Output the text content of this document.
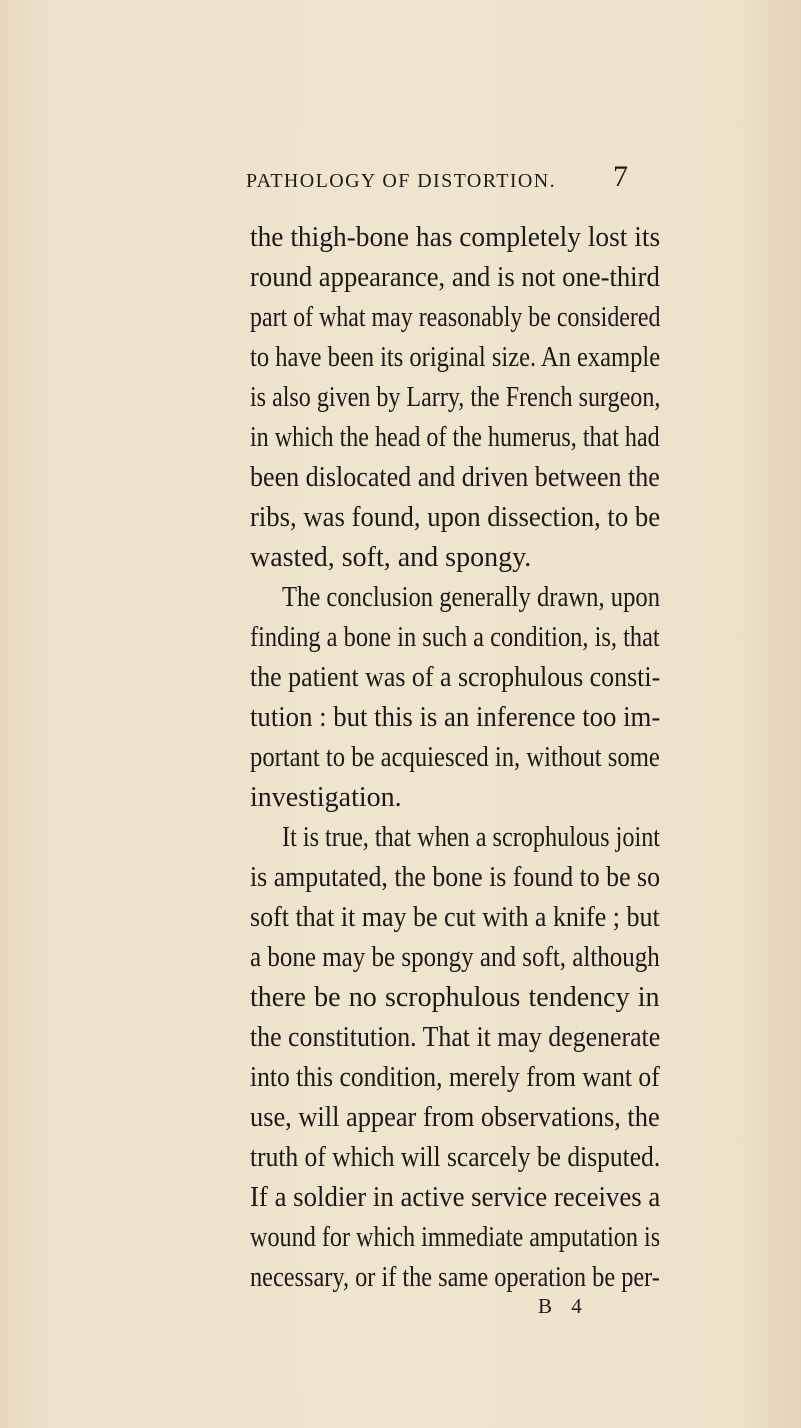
PATHOLOGY OF DISTORTION. 7
the thigh-bone has completely lost its
round appearance, and is not one-third
part of what may reasonably be considered
to have been its original size. An example
is also given by Larry, the French surgeon,
in which the head of the humerus, that had
been dislocated and driven between the
ribs, was found, upon dissection, to be
wasted, soft, and spongy.
The conclusion generally drawn, upon
finding a bone in such a condition, is, that
the patient was of a scrophulous consti-
tution : but this is an inference too im-
portant to be acquiesced in, without some
investigation.
It is true, that when a scrophulous joint
is amputated, the bone is found to be so
soft that it may be cut with a knife ; but
a bone may be spongy and soft, although
there be no scrophulous tendency in
the constitution. That it may degenerate
into this condition, merely from want of
use, will appear from observations, the
truth of which will scarcely be disputed.
If a soldier in active service receives a
wound for which immediate amputation is
necessary, or if the same operation be per-
B 4
